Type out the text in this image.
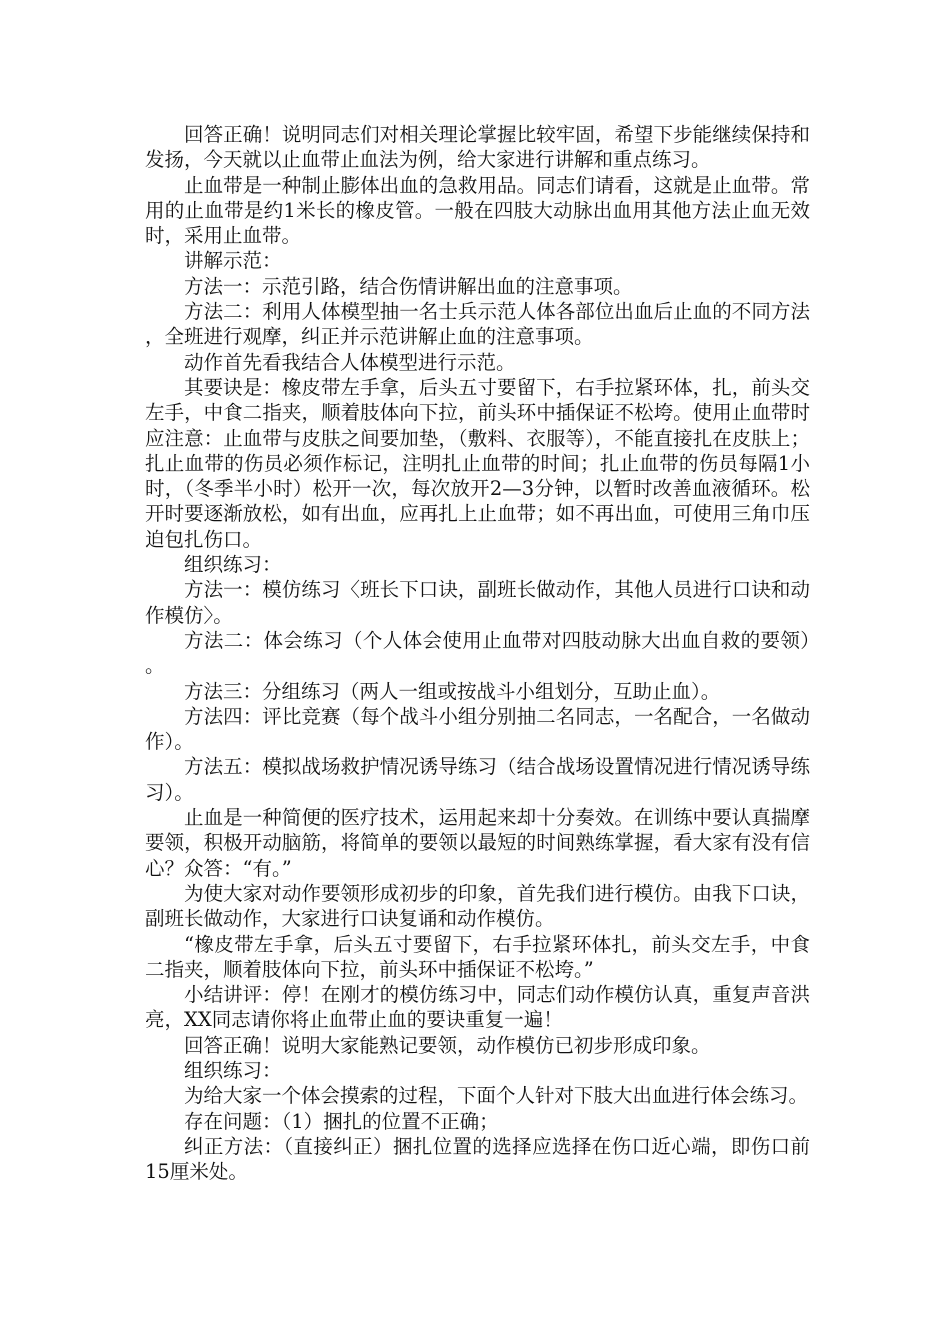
回答正确！说明同志们对相关理论掌握比较牢固，希望下步能继续保持和发扬，今天就以止血带止血法为例，给大家进行讲解和重点练习。

止血带是一种制止膨体出血的急救用品。同志们请看，这就是止血带。常用的止血带是约1米长的橡皮管。一般在四肢大动脉出血用其他方法止血无效时，采用止血带。

讲解示范：

方法一：示范引路，结合伤情讲解出血的注意事项。

方法二：利用人体模型抽一名士兵示范人体各部位出血后止血的不同方法，全班进行观摩，纠正并示范讲解止血的注意事项。

动作首先看我结合人体模型进行示范。

其要诀是：橡皮带左手拿，后头五寸要留下，右手拉紧环体，扎，前头交左手，中食二指夹，顺着肢体向下拉，前头环中插保证不松垮。使用止血带时应注意：止血带与皮肤之间要加垫，（敷料、衣服等），不能直接扎在皮肤上；扎止血带的伤员必须作标记，注明扎止血带的时间；扎止血带的伤员每隔1小时，（冬季半小时）松开一次，每次放开2—3分钟，以暂时改善血液循环。松开时要逐渐放松，如有出血，应再扎上止血带；如不再出血，可使用三角巾压迫包扎伤口。

组织练习：

方法一：模仿练习〈班长下口诀，副班长做动作，其他人员进行口诀和动作模仿〉。

方法二：体会练习（个人体会使用止血带对四肢动脉大出血自救的要领）。

方法三：分组练习（两人一组或按战斗小组划分，互助止血）。

方法四：评比竞赛（每个战斗小组分别抽二名同志，一名配合，一名做动作）。

方法五：模拟战场救护情况诱导练习（结合战场设置情况进行情况诱导练习）。

止血是一种简便的医疗技术，运用起来却十分奏效。在训练中要认真揣摩要领，积极开动脑筋，将简单的要领以最短的时间熟练掌握，看大家有没有信心？众答：“有。”

为使大家对动作要领形成初步的印象，首先我们进行模仿。由我下口诀，副班长做动作，大家进行口诀复诵和动作模仿。

“橡皮带左手拿，后头五寸要留下，右手拉紧环体扎，前头交左手，中食二指夹，顺着肢体向下拉，前头环中插保证不松垮。”

小结讲评：停！在刚才的模仿练习中，同志们动作模仿认真，重复声音洪亮，XX同志请你将止血带止血的要诀重复一遍！

回答正确！说明大家能熟记要领，动作模仿已初步形成印象。

组织练习：

为给大家一个体会摸索的过程，下面个人针对下肢大出血进行体会练习。

存在问题：（1）捆扎的位置不正确；

纠正方法：（直接纠正）捆扎位置的选择应选择在伤口近心端，即伤口前15厘米处。
